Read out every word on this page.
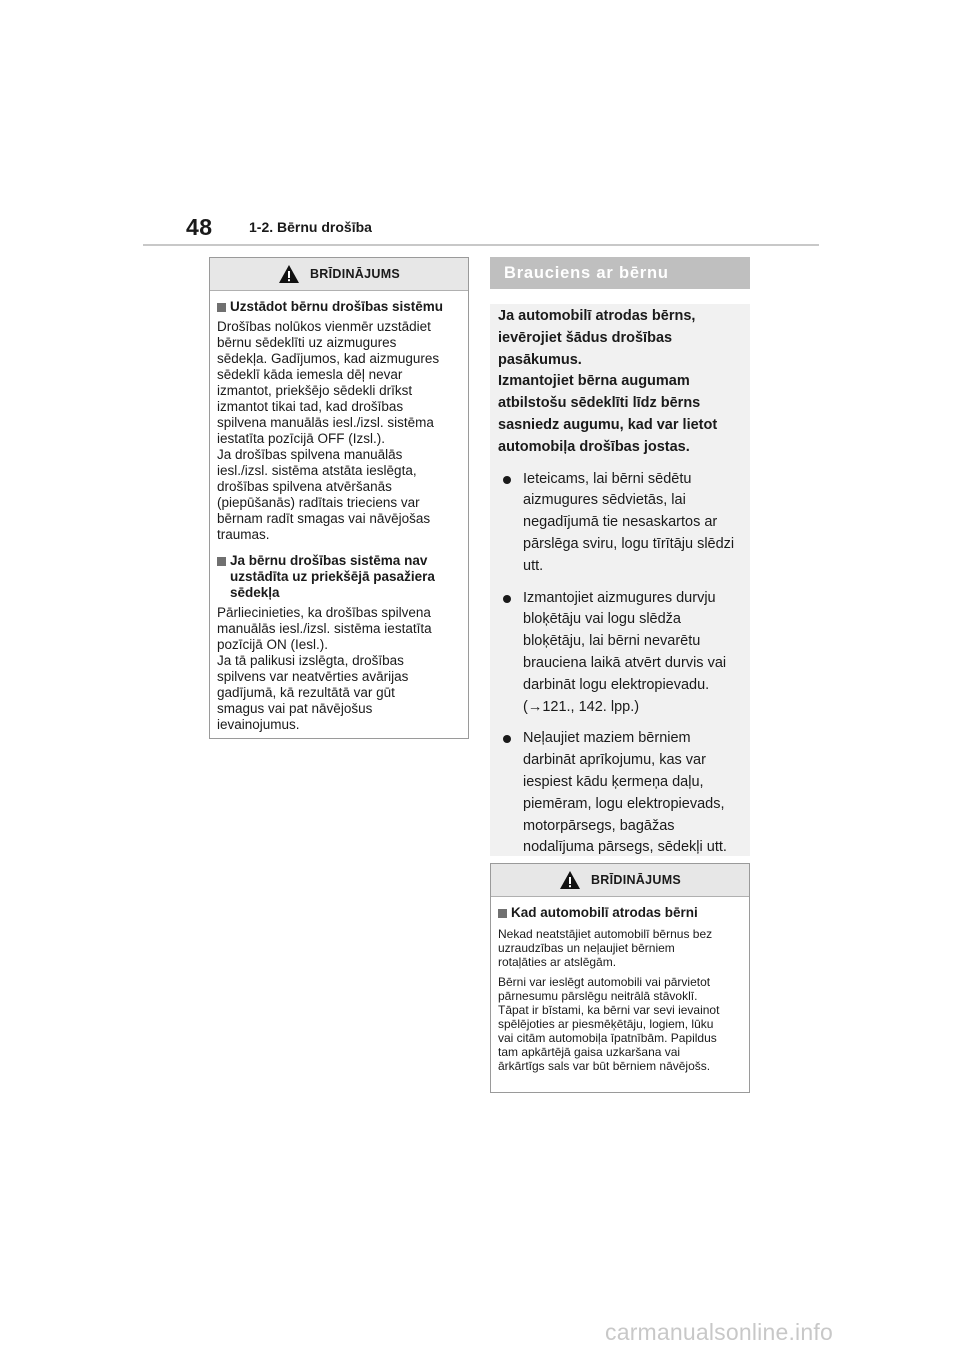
48	1-2. Bērnu drošība
BRĪDINĀJUMS
Uzstādot bērnu drošības sistēmu

Drošības nolūkos vienmēr uzstādiet
bērnu sēdeklīti uz aizmugures
sēdekļa. Gadījumos, kad aizmugures
sēdeklī kāda iemesla dēļ nevar
izmantot, priekšējo sēdekli drīkst
izmantot tikai tad, kad drošības
spilvena manuālās iesl./izsl. sistēma
iestatīta pozīcijā OFF (Izsl.).
Ja drošības spilvena manuālās
iesl./izsl. sistēma atstāta ieslēgta,
drošības spilvena atvēršanās
(piepūšanās) radītais trieciens var
bērnam radīt smagas vai nāvējošas
traumas.

Ja bērnu drošības sistēma nav
uzstādīta uz priekšējā pasažiera
sēdekļa

Pārliecinieties, ka drošības spilvena
manuālās iesl./izsl. sistēma iestatīta
pozīcijā ON (Iesl.).
Ja tā palikusi izslēgta, drošības
spilvens var neatvērties avārijas
gadījumā, kā rezultātā var gūt
smagus vai pat nāvējošus
ievainojumus.

Brauciens ar bērnu
Ja automobilī atrodas bērns,
ievērojiet šādus drošības
pasākumus.
Izmantojiet bērna augumam
atbilstošu sēdeklīti līdz bērns
sasniedz augumu, kad var lietot
automobiļa drošības jostas.
Ieteicams, lai bērni sēdētu
aizmugures sēdvietās, lai
negadījumā tie nesaskartos ar
pārslēga sviru, logu tīrītāju slēdzi
utt.
Izmantojiet aizmugures durvju
bloķētāju vai logu slēdža
bloķētāju, lai bērni nevarētu
brauciena laikā atvērt durvis vai
darbināt logu elektropievadu.
(→121., 142. lpp.)
Neļaujiet maziem bērniem
darbināt aprīkojumu, kas var
iespiest kādu ķermeņa daļu,
piemēram, logu elektropievads,
motorpārsegs, bagāžas
nodalījuma pārsegs, sēdekļi utt.
BRĪDINĀJUMS
Kad automobilī atrodas bērni

Nekad neatstājiet automobilī bērnus bez
uzraudzības un neļaujiet bērniem
rotaļāties ar atslēgām.

Bērni var ieslēgt automobili vai pārvietot
pārnesumu pārslēgu neitrālā stāvoklī.
Tāpat ir bīstami, ka bērni var sevi ievainot
spēlējoties ar piesmēķētāju, logiem, lūku
vai citām automobiļa īpatnībām. Papildus
tam apkārtējā gaisa uzkaršana vai
ārkārtīgs sals var būt bērniem nāvējošs.

carmanualsonline.info
